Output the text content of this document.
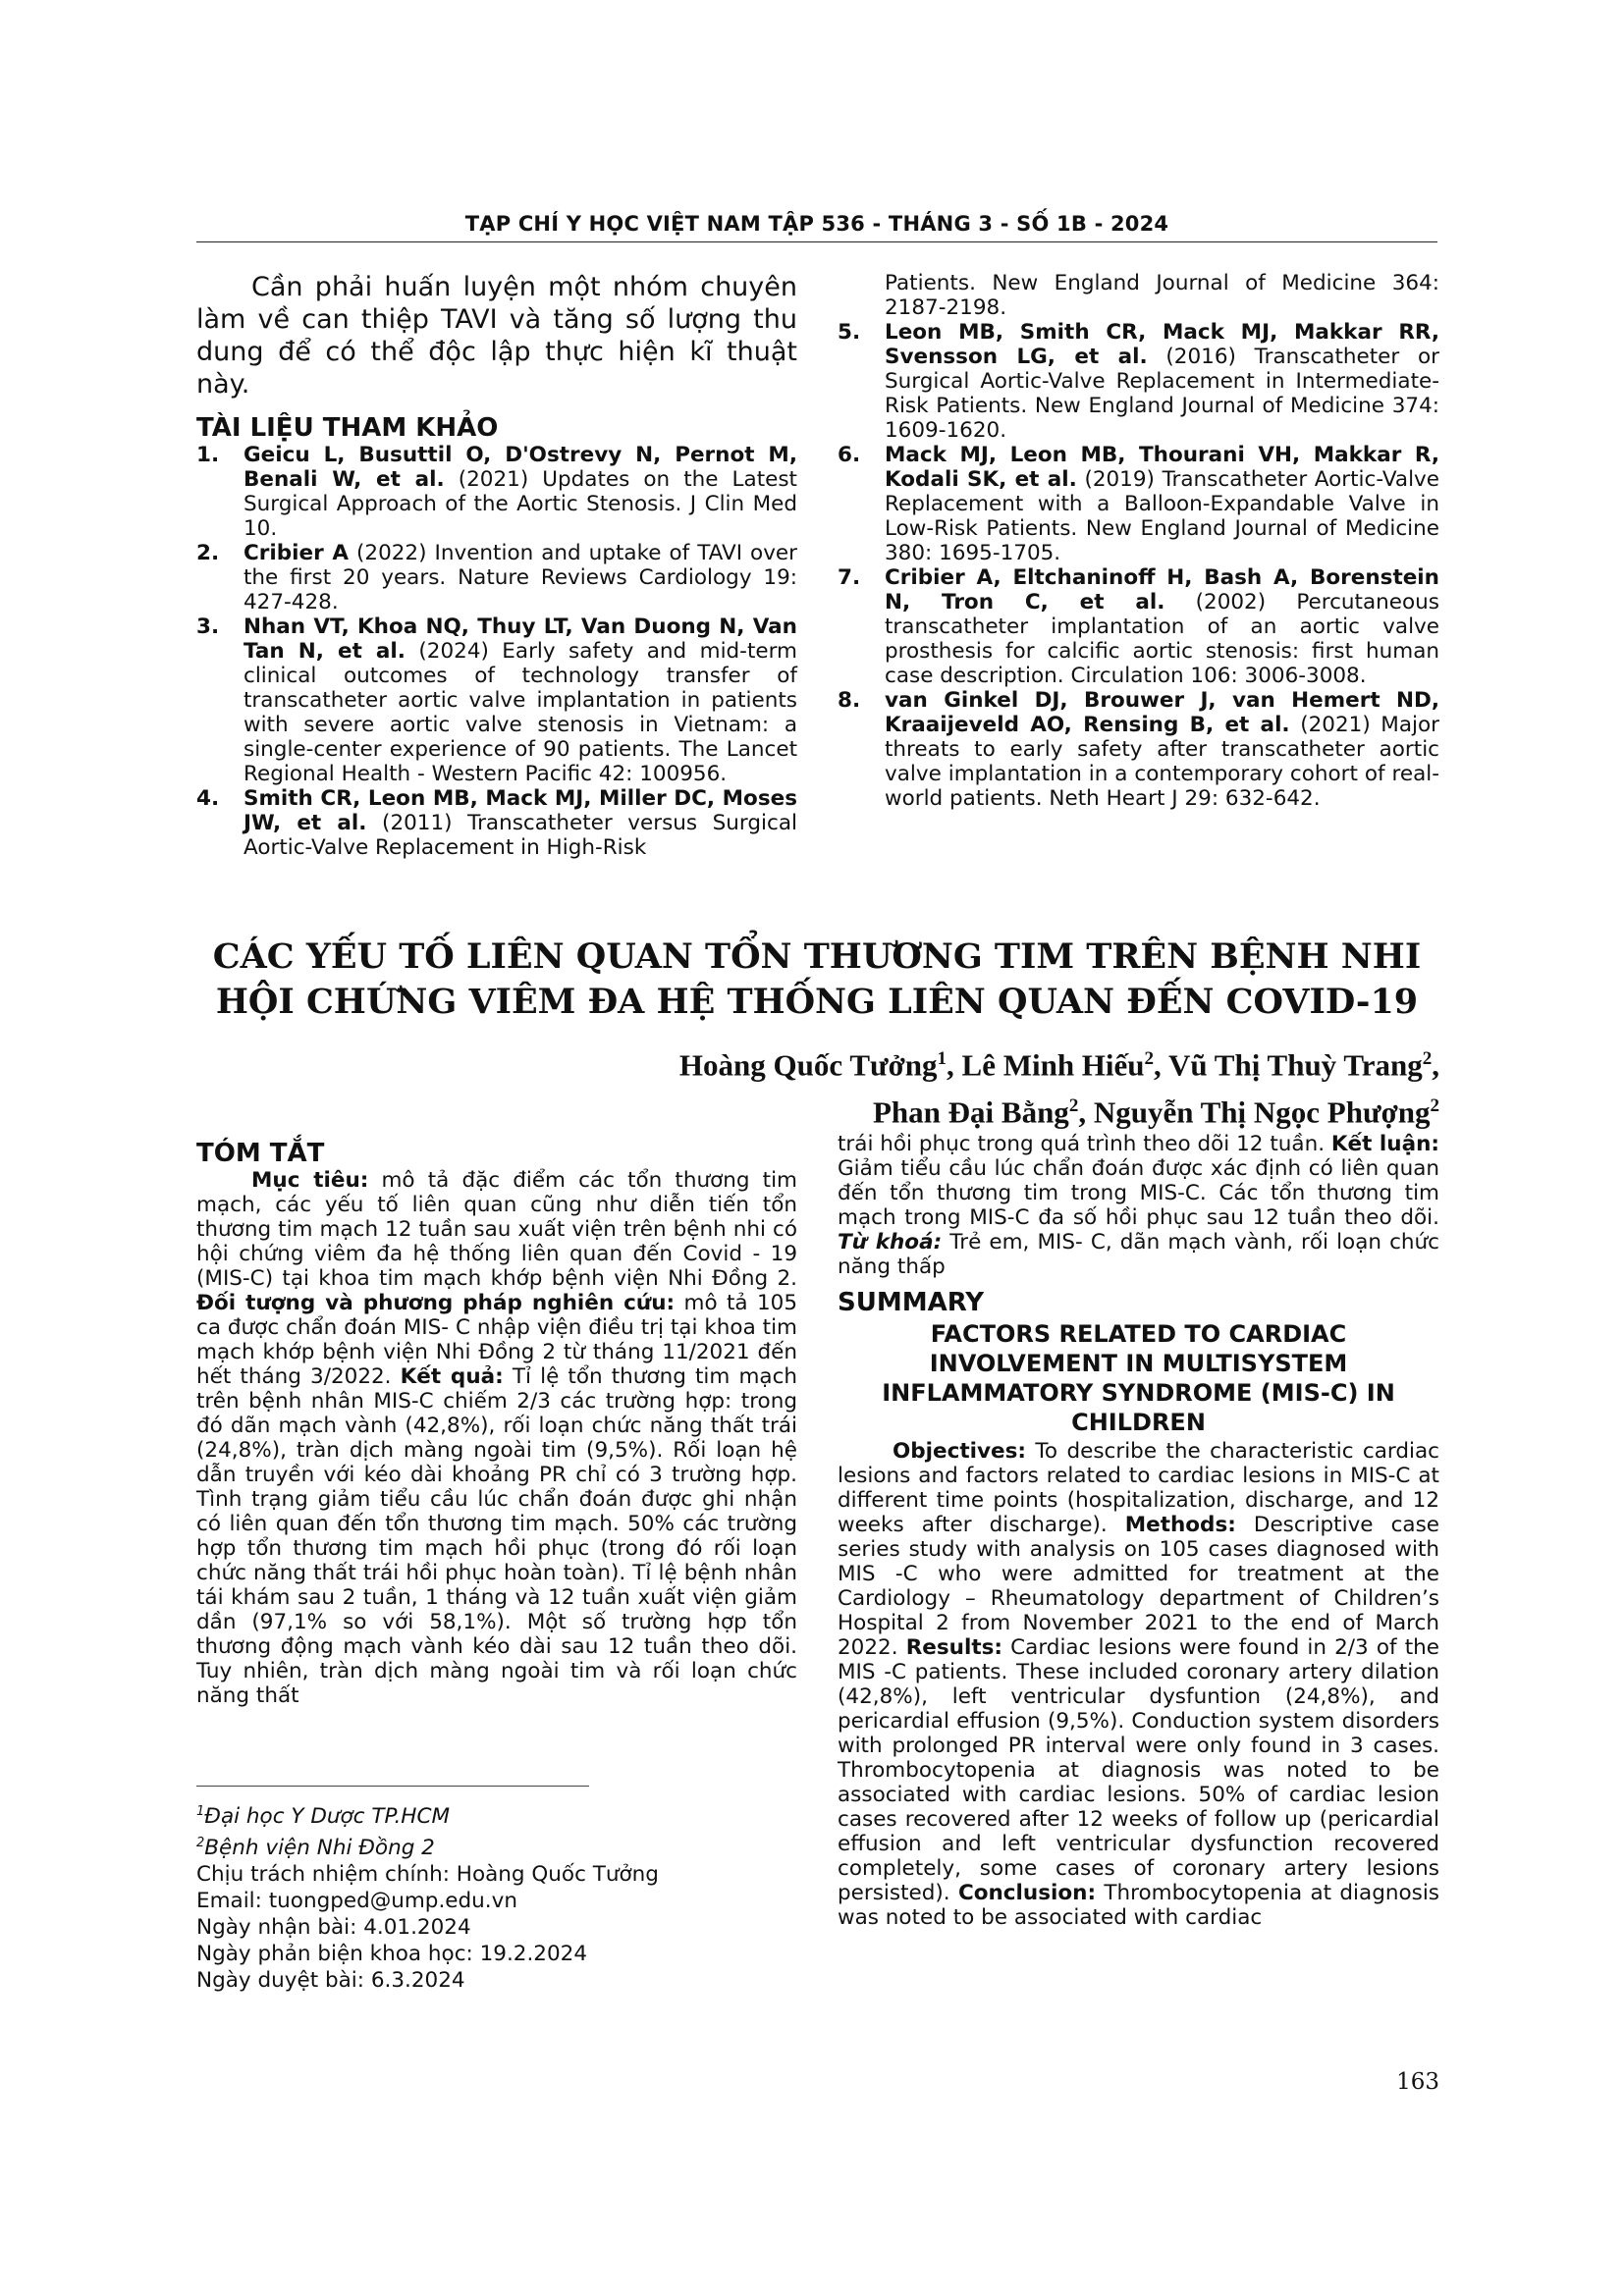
TẠP CHÍ Y HỌC VIỆT NAM TẬP 536 - THÁNG 3 - SỐ 1B - 2024
Cần phải huấn luyện một nhóm chuyên làm về can thiệp TAVI và tăng số lượng thu dung để có thể độc lập thực hiện kĩ thuật này.
TÀI LIỆU THAM KHẢO
1. Geicu L, Busuttil O, D'Ostrevy N, Pernot M, Benali W, et al. (2021) Updates on the Latest Surgical Approach of the Aortic Stenosis. J Clin Med 10.
2. Cribier A (2022) Invention and uptake of TAVI over the first 20 years. Nature Reviews Cardiology 19: 427-428.
3. Nhan VT, Khoa NQ, Thuy LT, Van Duong N, Van Tan N, et al. (2024) Early safety and mid-term clinical outcomes of technology transfer of transcatheter aortic valve implantation in patients with severe aortic valve stenosis in Vietnam: a single-center experience of 90 patients. The Lancet Regional Health - Western Pacific 42: 100956.
4. Smith CR, Leon MB, Mack MJ, Miller DC, Moses JW, et al. (2011) Transcatheter versus Surgical Aortic-Valve Replacement in High-Risk
Patients. New England Journal of Medicine 364: 2187-2198.
5. Leon MB, Smith CR, Mack MJ, Makkar RR, Svensson LG, et al. (2016) Transcatheter or Surgical Aortic-Valve Replacement in Intermediate-Risk Patients. New England Journal of Medicine 374: 1609-1620.
6. Mack MJ, Leon MB, Thourani VH, Makkar R, Kodali SK, et al. (2019) Transcatheter Aortic-Valve Replacement with a Balloon-Expandable Valve in Low-Risk Patients. New England Journal of Medicine 380: 1695-1705.
7. Cribier A, Eltchaninoff H, Bash A, Borenstein N, Tron C, et al. (2002) Percutaneous transcatheter implantation of an aortic valve prosthesis for calcific aortic stenosis: first human case description. Circulation 106: 3006-3008.
8. van Ginkel DJ, Brouwer J, van Hemert ND, Kraaijeveld AO, Rensing B, et al. (2021) Major threats to early safety after transcatheter aortic valve implantation in a contemporary cohort of real-world patients. Neth Heart J 29: 632-642.
CÁC YẾU TỐ LIÊN QUAN TỔN THƯƠNG TIM TRÊN BỆNH NHI
HỘI CHỨNG VIÊM ĐA HỆ THỐNG LIÊN QUAN ĐẾN COVID-19
Hoàng Quốc Tưởng$^1$, Lê Minh Hiếu$^2$, Vũ Thị Thuỳ Trang$^2$,
Phan Đại Bằng$^2$, Nguyễn Thị Ngọc Phượng$^2$
TÓM TẮT
Mục tiêu: mô tả đặc điểm các tổn thương tim mạch, các yếu tố liên quan cũng như diễn tiến tổn thương tim mạch 12 tuần sau xuất viện trên bệnh nhi có hội chứng viêm đa hệ thống liên quan đến Covid - 19 (MIS-C) tại khoa tim mạch khớp bệnh viện Nhi Đồng 2. Đối tượng và phương pháp nghiên cứu: mô tả 105 ca được chẩn đoán MIS- C nhập viện điều trị tại khoa tim mạch khớp bệnh viện Nhi Đồng 2 từ tháng 11/2021 đến hết tháng 3/2022. Kết quả: Tỉ lệ tổn thương tim mạch trên bệnh nhân MIS-C chiếm 2/3 các trường hợp: trong đó dãn mạch vành (42,8%), rối loạn chức năng thất trái (24,8%), tràn dịch màng ngoài tim (9,5%). Rối loạn hệ dẫn truyền với kéo dài khoảng PR chỉ có 3 trường hợp. Tình trạng giảm tiểu cầu lúc chẩn đoán được ghi nhận có liên quan đến tổn thương tim mạch. 50% các trường hợp tổn thương tim mạch hồi phục (trong đó rối loạn chức năng thất trái hồi phục hoàn toàn). Tỉ lệ bệnh nhân tái khám sau 2 tuần, 1 tháng và 12 tuần xuất viện giảm dần (97,1% so với 58,1%). Một số trường hợp tổn thương động mạch vành kéo dài sau 12 tuần theo dõi. Tuy nhiên, tràn dịch màng ngoài tim và rối loạn chức năng thất
trái hồi phục trong quá trình theo dõi 12 tuần. Kết luận: Giảm tiểu cầu lúc chẩn đoán được xác định có liên quan đến tổn thương tim trong MIS-C. Các tổn thương tim mạch trong MIS-C đa số hồi phục sau 12 tuần theo dõi. Từ khoá: Trẻ em, MIS- C, dãn mạch vành, rối loạn chức năng thấp
SUMMARY
FACTORS RELATED TO CARDIAC INVOLVEMENT IN MULTISYSTEM INFLAMMATORY SYNDROME (MIS-C) IN CHILDREN
Objectives: To describe the characteristic cardiac lesions and factors related to cardiac lesions in MIS-C at different time points (hospitalization, discharge, and 12 weeks after discharge). Methods: Descriptive case series study with analysis on 105 cases diagnosed with MIS -C who were admitted for treatment at the Cardiology – Rheumatology department of Children’s Hospital 2 from November 2021 to the end of March 2022. Results: Cardiac lesions were found in 2/3 of the MIS -C patients. These included coronary artery dilation (42,8%), left ventricular dysfuntion (24,8%), and pericardial effusion (9,5%). Conduction system disorders with prolonged PR interval were only found in 3 cases. Thrombocytopenia at diagnosis was noted to be associated with cardiac lesions. 50% of cardiac lesion cases recovered after 12 weeks of follow up (pericardial effusion and left ventricular dysfunction recovered completely, some cases of coronary artery lesions persisted). Conclusion: Thrombocytopenia at diagnosis was noted to be associated with cardiac
$^1$Đại học Y Dược TP.HCM
$^2$Bệnh viện Nhi Đồng 2
Chịu trách nhiệm chính: Hoàng Quốc Tưởng
Email: tuongped@ump.edu.vn
Ngày nhận bài: 4.01.2024
Ngày phản biện khoa học: 19.2.2024
Ngày duyệt bài: 6.3.2024
163
